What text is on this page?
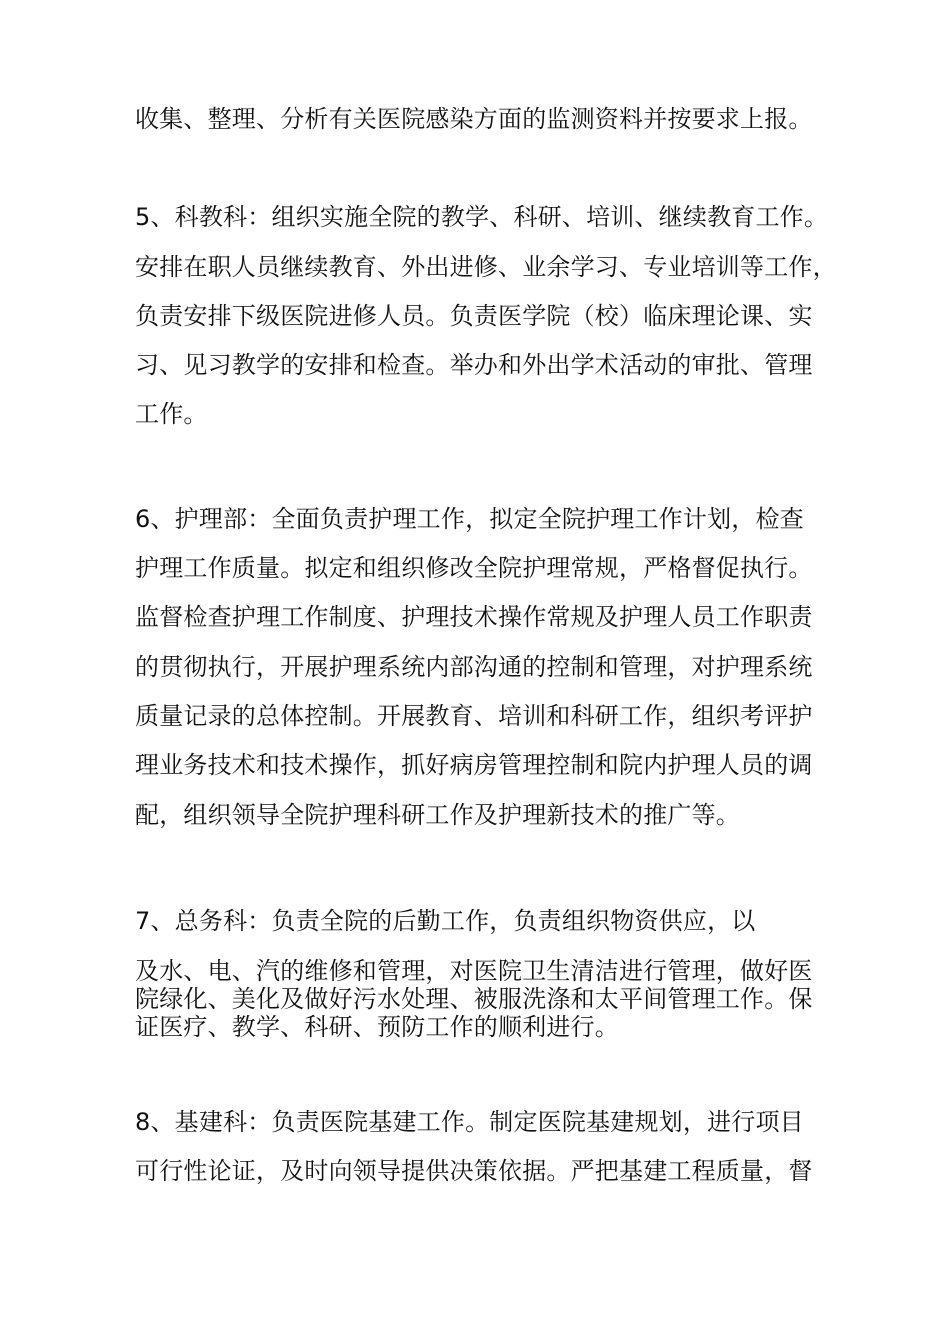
收集、整理、分析有关医院感染方面的监测资料并按要求上报。
5、科教科：组织实施全院的教学、科研、培训、继续教育工作。
安排在职人员继续教育、外出进修、业余学习、专业培训等工作，
负责安排下级医院进修人员。负责医学院（校）临床理论课、实
习、见习教学的安排和检查。举办和外出学术活动的审批、管理
工作。
6、护理部：全面负责护理工作，拟定全院护理工作计划，检查
护理工作质量。拟定和组织修改全院护理常规，严格督促执行。
监督检查护理工作制度、护理技术操作常规及护理人员工作职责
的贯彻执行，开展护理系统内部沟通的控制和管理，对护理系统
质量记录的总体控制。开展教育、培训和科研工作，组织考评护
理业务技术和技术操作，抓好病房管理控制和院内护理人员的调
配，组织领导全院护理科研工作及护理新技术的推广等。
7、总务科：负责全院的后勤工作，负责组织物资供应，以
及水、电、汽的维修和管理，对医院卫生清洁进行管理，做好医
院绿化、美化及做好污水处理、被服洗涤和太平间管理工作。保
证医疗、教学、科研、预防工作的顺利进行。
8、基建科：负责医院基建工作。制定医院基建规划，进行项目
可行性论证，及时向领导提供决策依据。严把基建工程质量，督
